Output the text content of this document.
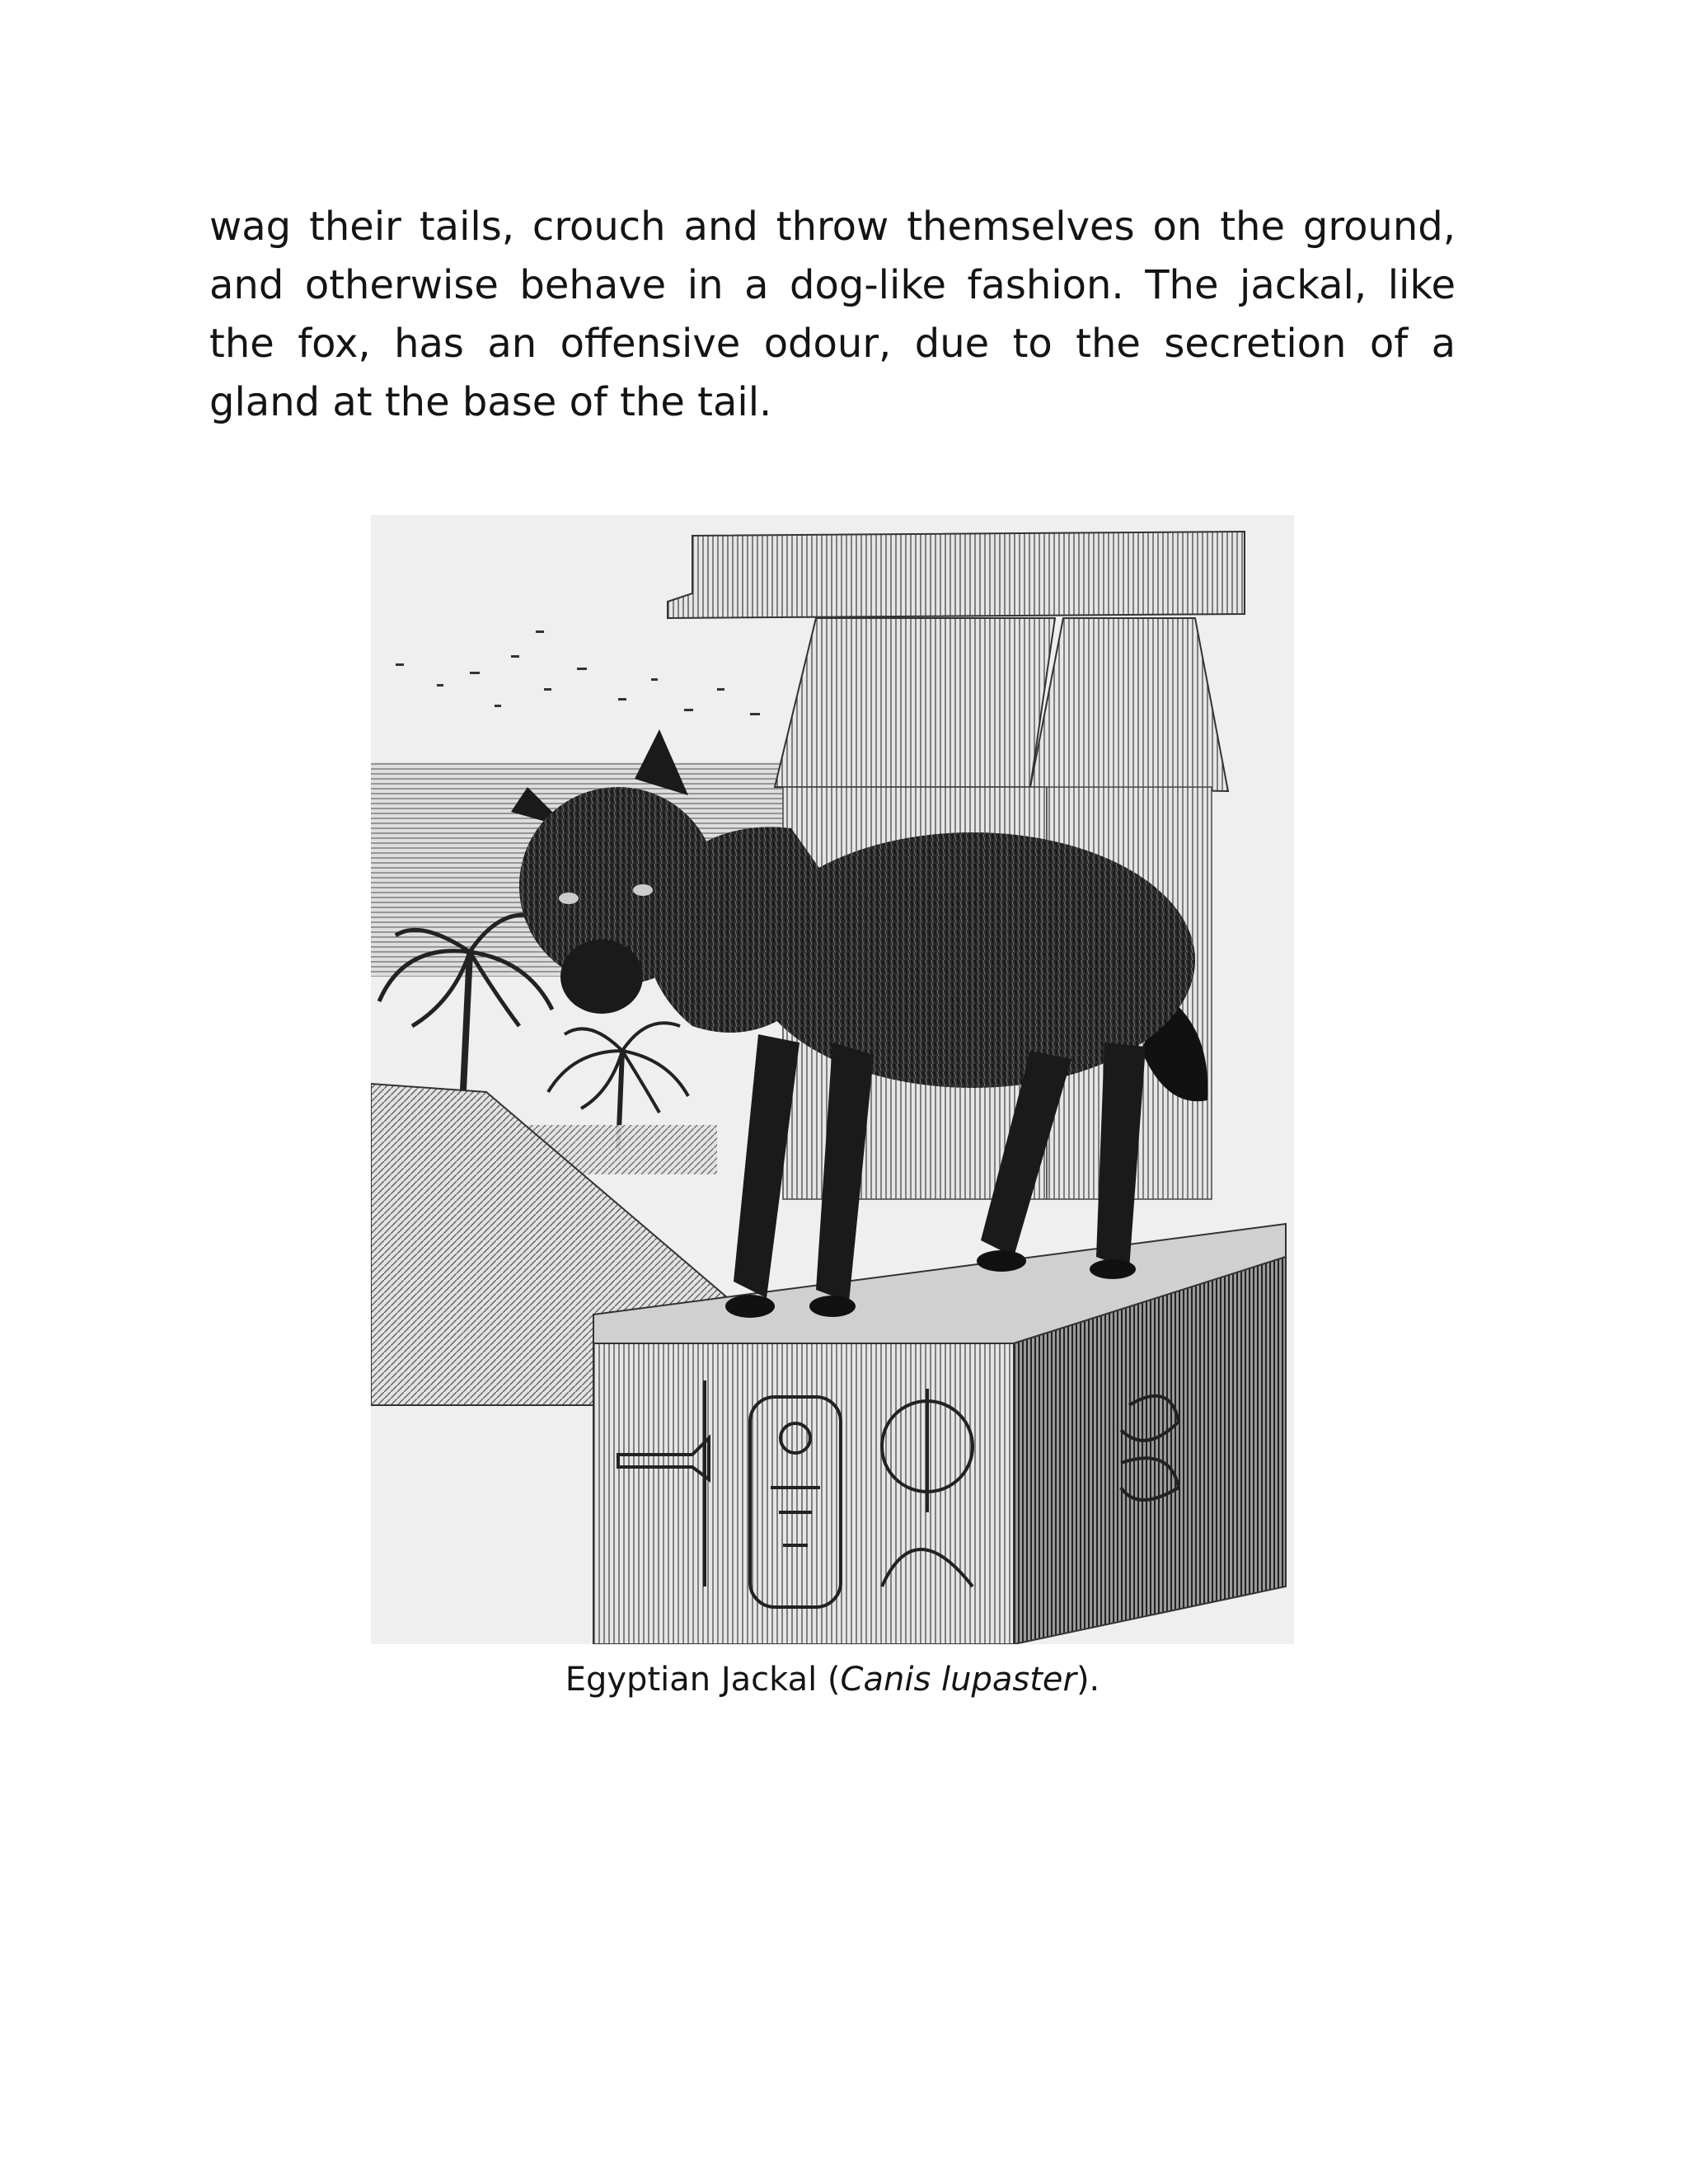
wag their tails, crouch and throw themselves on the ground, and otherwise behave in a dog-like fashion. The jackal, like the fox, has an offensive odour, due to the secretion of a gland at the base of the tail.

Egyptian Jackal (Canis lupaster).
